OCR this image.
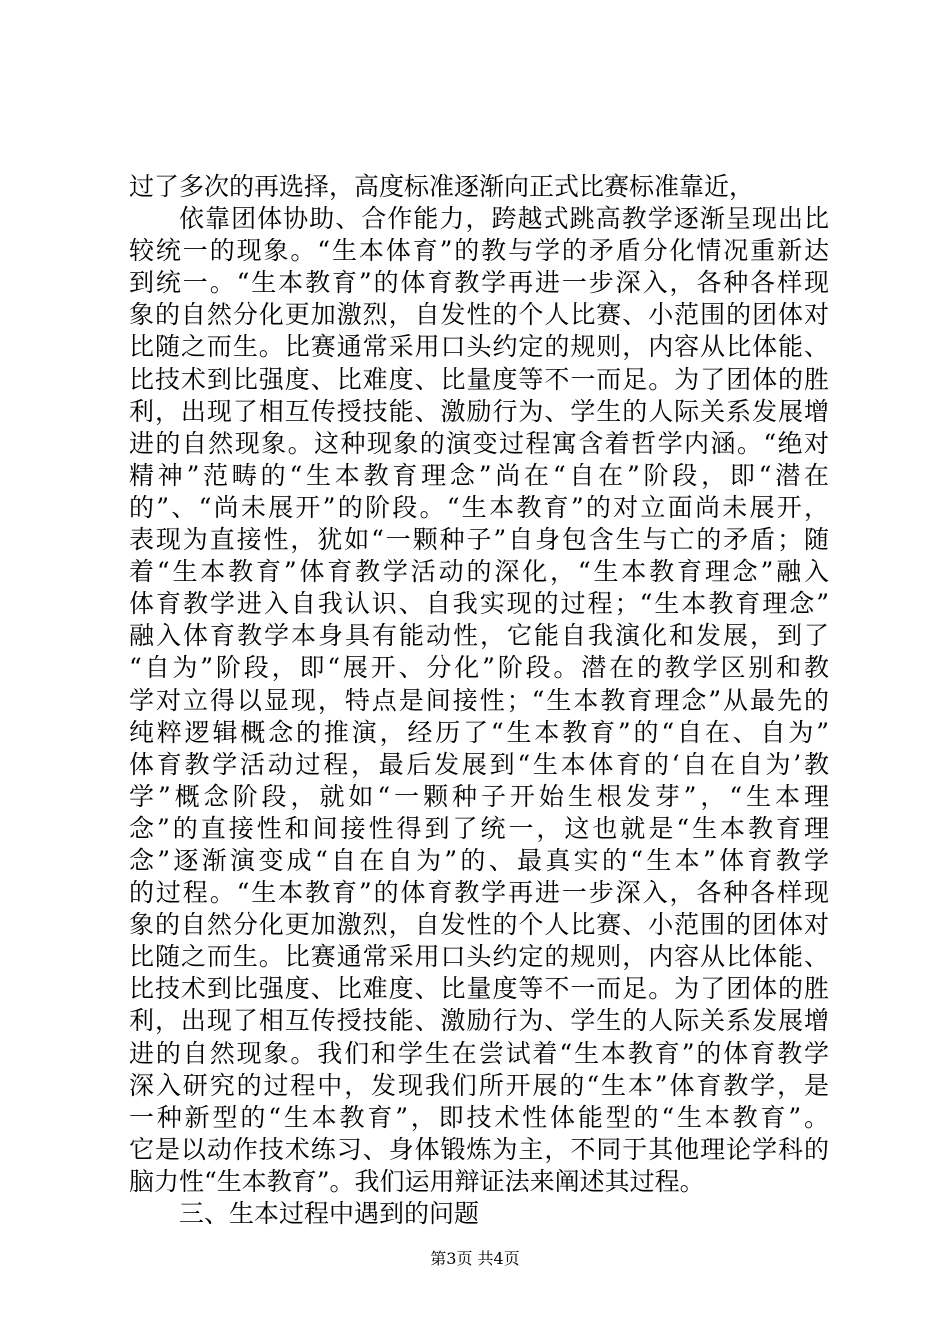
过了多次的再选择，高度标准逐渐向正式比赛标准靠近，
依靠团体协助、合作能力，跨越式跳高教学逐渐呈现出比
较统一的现象。“生本体育”的教与学的矛盾分化情况重新达
到统一。“生本教育”的体育教学再进一步深入，各种各样现
象的自然分化更加激烈，自发性的个人比赛、小范围的团体对
比随之而生。比赛通常采用口头约定的规则，内容从比体能、
比技术到比强度、比难度、比量度等不一而足。为了团体的胜
利，出现了相互传授技能、激励行为、学生的人际关系发展增
进的自然现象。这种现象的演变过程寓含着哲学内涵。“绝对
精神”范畴的“生本教育理念”尚在“自在”阶段，即“潜在
的”、“尚未展开”的阶段。“生本教育”的对立面尚未展开，
表现为直接性，犹如“一颗种子”自身包含生与亡的矛盾；随
着“生本教育”体育教学活动的深化，“生本教育理念”融入
体育教学进入自我认识、自我实现的过程；“生本教育理念”
融入体育教学本身具有能动性，它能自我演化和发展，到了
“自为”阶段，即“展开、分化”阶段。潜在的教学区别和教
学对立得以显现，特点是间接性；“生本教育理念”从最先的
纯粹逻辑概念的推演，经历了“生本教育”的“自在、自为”
体育教学活动过程，最后发展到“生本体育的‘自在自为’教
学”概念阶段，就如“一颗种子开始生根发芽”，“生本理
念”的直接性和间接性得到了统一，这也就是“生本教育理
念”逐渐演变成“自在自为”的、最真实的“生本”体育教学
的过程。“生本教育”的体育教学再进一步深入，各种各样现
象的自然分化更加激烈，自发性的个人比赛、小范围的团体对
比随之而生。比赛通常采用口头约定的规则，内容从比体能、
比技术到比强度、比难度、比量度等不一而足。为了团体的胜
利，出现了相互传授技能、激励行为、学生的人际关系发展增
进的自然现象。我们和学生在尝试着“生本教育”的体育教学
深入研究的过程中，发现我们所开展的“生本”体育教学，是
一种新型的“生本教育”，即技术性体能型的“生本教育”。
它是以动作技术练习、身体锻炼为主，不同于其他理论学科的
脑力性“生本教育”。我们运用辩证法来阐述其过程。
三、生本过程中遇到的问题
第3页 共4页
